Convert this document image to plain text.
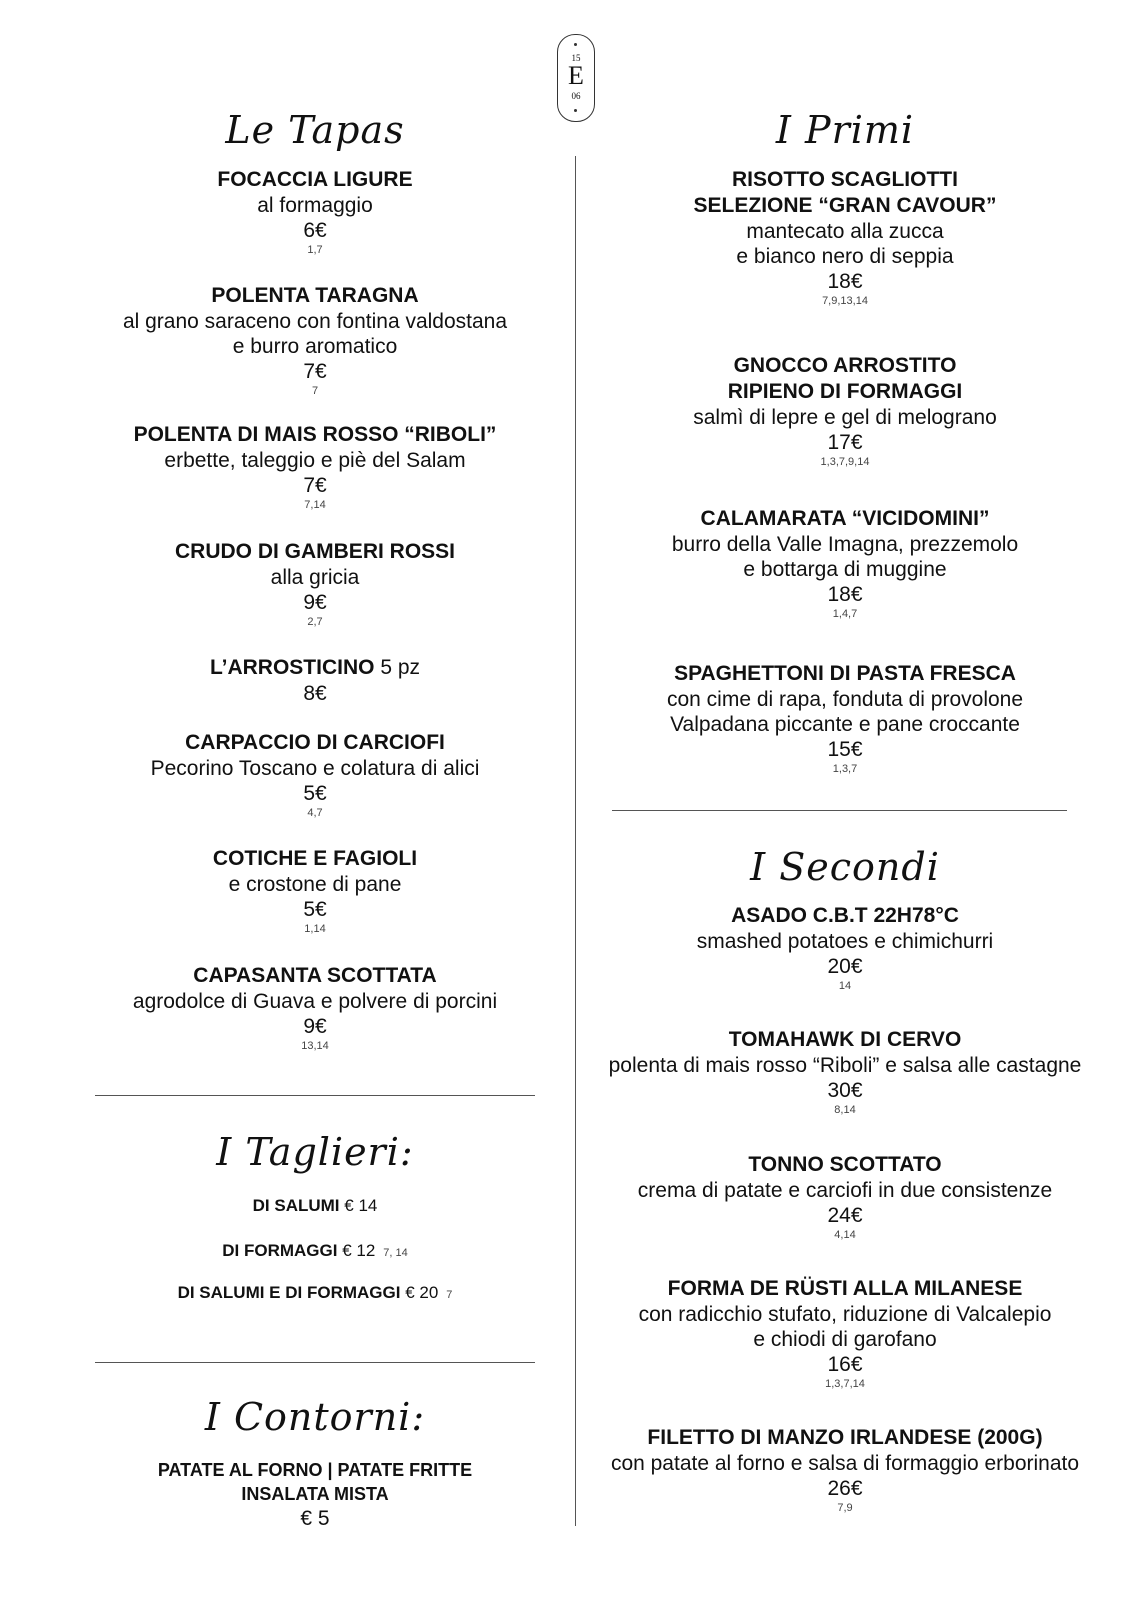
15
E
06
Le Tapas
FOCACCIA LIGURE
al formaggio
6€
1,7
POLENTA TARAGNA
al grano saraceno con fontina valdostana
e burro aromatico
7€
7
POLENTA DI MAIS ROSSO “RIBOLI”
erbette, taleggio e piè del Salam
7€
7,14
CRUDO DI GAMBERI ROSSI
alla gricia
9€
2,7
L’ARROSTICINO 5 pz
8€
CARPACCIO DI CARCIOFI
Pecorino Toscano e colatura di alici
5€
4,7
COTICHE E FAGIOLI
e crostone di pane
5€
1,14
CAPASANTA SCOTTATA
agrodolce di Guava e polvere di porcini
9€
13,14
I Taglieri:
DI SALUMI € 14
DI FORMAGGI € 12 7, 14
DI SALUMI E DI FORMAGGI € 20 7
I Contorni:
PATATE AL FORNO | PATATE FRITTE
INSALATA MISTA
€ 5
I Primi
RISOTTO SCAGLIOTTI
SELEZIONE “GRAN CAVOUR”
mantecato alla zucca
e bianco nero di seppia
18€
7,9,13,14
GNOCCO ARROSTITO
RIPIENO DI FORMAGGI
salmì di lepre e gel di melograno
17€
1,3,7,9,14
CALAMARATA “VICIDOMINI”
burro della Valle Imagna, prezzemolo
e bottarga di muggine
18€
1,4,7
SPAGHETTONI DI PASTA FRESCA
con cime di rapa, fonduta di provolone
Valpadana piccante e pane croccante
15€
1,3,7
I Secondi
ASADO C.B.T 22H78°C
smashed potatoes e chimichurri
20€
14
TOMAHAWK DI CERVO
polenta di mais rosso “Riboli” e salsa alle castagne
30€
8,14
TONNO SCOTTATO
crema di patate e carciofi in due consistenze
24€
4,14
FORMA DE RÜSTI ALLA MILANESE
con radicchio stufato, riduzione di Valcalepio
e chiodi di garofano
16€
1,3,7,14
FILETTO DI MANZO IRLANDESE (200G)
con patate al forno e salsa di formaggio erborinato
26€
7,9
